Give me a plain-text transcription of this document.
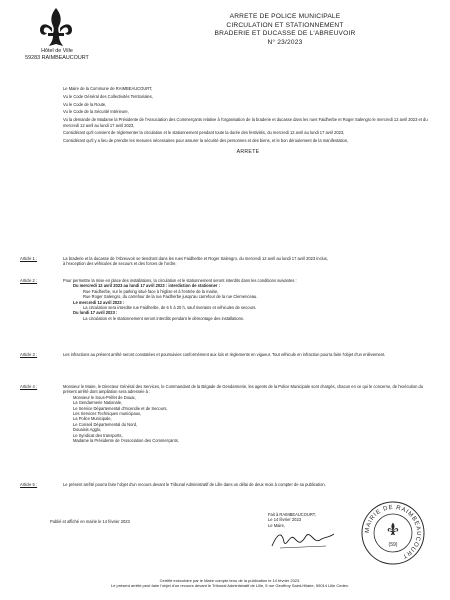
Hôtel de Ville
59283 RAIMBEAUCOURT
ARRETE DE POLICE MUNICIPALE
CIRCULATION ET STATIONNEMENT
BRADERIE ET DUCASSE DE L'ABREUVOIR
N° 23/2023

Le Maire de la Commune de RAIMBEAUCOURT,

Vu le Code Général des Collectivités Territoriales,

Vu le Code de la Route,

Vu le Code de la Sécurité Intérieure,

Vu la demande de Madame la Présidente de l'Association des Commerçants relative à l'organisation de la braderie et ducasse dans les rues Faidherbe et Roger Salengro le mercredi 12 avril 2023 et du mercredi 12 avril au lundi 17 avril 2023,

Considérant qu'il convient de réglementer la circulation et le stationnement pendant toute la durée des festivités, du mercredi 12 avril au lundi 17 avril 2023,

Considérant qu'il y a lieu de prendre les mesures nécessaires pour assurer la sécurité des personnes et des biens, et le bon déroulement de la manifestation,

ARRETE

Article 1 :	La braderie et la ducasse de l'Abreuvoir se tiendront dans les rues Faidherbe et Roger Salengro, du mercredi 12 avril au lundi 17 avril 2023 inclus,
à l'exception des véhicules de secours et des forces de l'ordre.
Article 2 :	Pour permettre la mise en place des installations, la circulation et le stationnement seront interdits dans les conditions suivantes :
Du mercredi 12 avril 2023 au lundi 17 avril 2023 : interdiction de stationner :
Rue Faidherbe, sur le parking situé face à l'église et à l'entrée de la mairie,
Rue Roger Salengro, du carrefour de la rue Faidherbe jusqu'au carrefour de la rue Clemenceau.
Le mercredi 12 avril 2023 :
La circulation sera interdite rue Faidherbe, de 6 h à 20 h, sauf riverains et véhicules de secours.
Du lundi 17 avril 2023 :
La circulation et le stationnement seront interdits pendant le démontage des installations.
Article 3 :	Les infractions au présent arrêté seront constatées et poursuivies conformément aux lois et règlements en vigueur. Tout véhicule en infraction pourra faire l'objet d'un enlèvement.
Article 4 :	Monsieur le Maire, le Directeur Général des Services, le Commandant de la Brigade de Gendarmerie, les agents de la Police Municipale sont chargés, chacun en ce qui le concerne, de l'exécution du présent arrêté dont ampliation sera adressée à :
Monsieur le Sous-Préfet de Douai,
La Gendarmerie Nationale,
Le Service Départemental d'Incendie et de Secours,
Les Services Techniques municipaux,
La Police Municipale,
Le Conseil Départemental du Nord,
Douaisis Agglo,
Le Syndicat des transports,
Madame la Présidente de l'Association des Commerçants.
Article 5 :	Le présent arrêté pourra faire l'objet d'un recours devant le Tribunal Administratif de Lille dans un délai de deux mois à compter de sa publication.
Publié et affiché en mairie le 14 février 2023
Fait à RAIMBEAUCOURT,
Le 14 février 2023
Le Maire,
MAIRIE DE RAIMBEAUCOURT
(59)
Certifié exécutoire par le Maire compte tenu de la publication le 14 février 2023.
Le présent arrêté peut faire l'objet d'un recours devant le Tribunal Administratif de Lille, 5 rue Geoffroy Saint-Hilaire, 59014 Lille Cedex.
